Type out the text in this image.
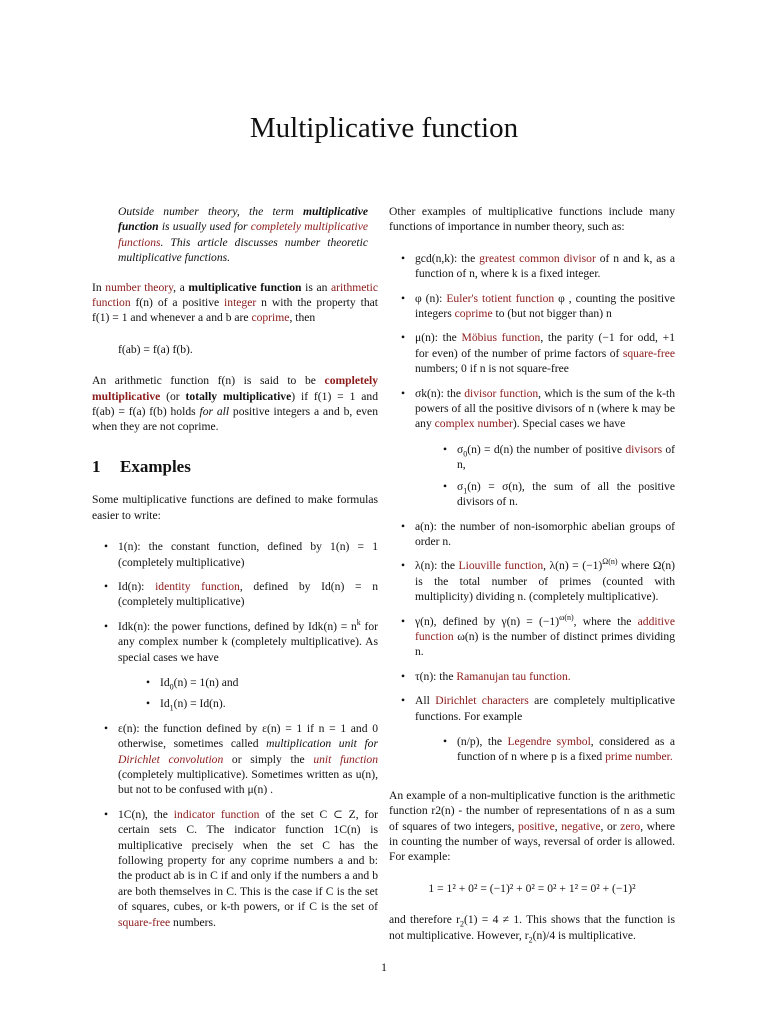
Multiplicative function

Outside number theory, the term multiplicative function is usually used for completely multiplicative functions. This article discusses number theoretic multiplicative functions.

In number theory, a multiplicative function is an arithmetic function f(n) of a positive integer n with the property that f(1) = 1 and whenever a and b are coprime, then

f(ab) = f(a) f(b).

An arithmetic function f(n) is said to be completely multiplicative (or totally multiplicative) if f(1) = 1 and f(ab) = f(a) f(b) holds for all positive integers a and b, even when they are not coprime.

1 Examples

Some multiplicative functions are defined to make formulas easier to write:

• 1(n): the constant function, defined by 1(n) = 1 (completely multiplicative)
• Id(n): identity function, defined by Id(n) = n (completely multiplicative)
• Idk(n): the power functions, defined by $Idk(n) = n^k$ for any complex number k (completely multiplicative). As special cases we have
• $Id_0(n) = 1(n)$ and
• $Id_1(n) = Id(n)$.
• ε(n): the function defined by ε(n) = 1 if n = 1 and 0 otherwise, sometimes called multiplication unit for Dirichlet convolution or simply the unit function (completely multiplicative). Sometimes written as u(n), but not to be confused with μ(n) .
• 1C(n), the indicator function of the set C ⊂ Z, for certain sets C. The indicator function 1C(n) is multiplicative precisely when the set C has the following property for any coprime numbers a and b: the product ab is in C if and only if the numbers a and b are both themselves in C. This is the case if C is the set of squares, cubes, or k-th powers, or if C is the set of square-free numbers.

Other examples of multiplicative functions include many functions of importance in number theory, such as:

• gcd(n,k): the greatest common divisor of n and k, as a function of n, where k is a fixed integer.
• φ (n): Euler's totient function φ , counting the positive integers coprime to (but not bigger than) n
• μ(n): the Möbius function, the parity (−1 for odd, +1 for even) of the number of prime factors of square-free numbers; 0 if n is not square-free
• σk(n): the divisor function, which is the sum of the k-th powers of all the positive divisors of n (where k may be any complex number). Special cases we have
• $\sigma_0(n) = d(n)$ the number of positive divisors of n,
• $\sigma_1(n) = \sigma(n)$, the sum of all the positive divisors of n.
• a(n): the number of non-isomorphic abelian groups of order n.
• λ(n): the Liouville function, $\lambda(n) = (-1)^{\Omega(n)}$ where Ω(n) is the total number of primes (counted with multiplicity) dividing n. (completely multiplicative).
• γ(n), defined by $\gamma(n) = (-1)^{\omega(n)}$, where the additive function ω(n) is the number of distinct primes dividing n.
• τ(n): the Ramanujan tau function.
• All Dirichlet characters are completely multiplicative functions. For example
• (n/p), the Legendre symbol, considered as a function of n where p is a fixed prime number.

An example of a non-multiplicative function is the arithmetic function r2(n) - the number of representations of n as a sum of squares of two integers, positive, negative, or zero, where in counting the number of ways, reversal of order is allowed. For example:

1 = 1² + 0² = (−1)² + 0² = 0² + 1² = 0² + (−1)²

and therefore $r_2(1) = 4 \ne 1$. This shows that the function is not multiplicative. However, $r_2(n)/4$ is multiplicative.

1
